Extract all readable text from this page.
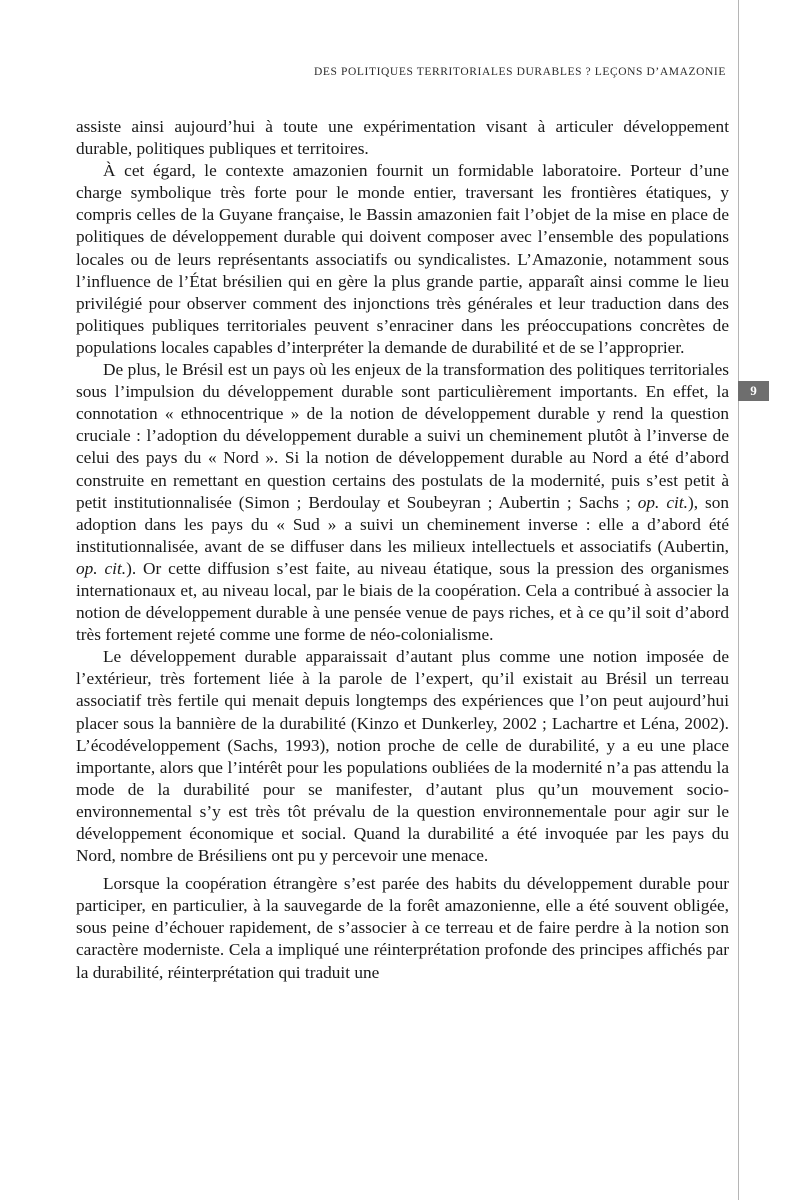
DES POLITIQUES TERRITORIALES DURABLES ? LEÇONS D’AMAZONIE
9

assiste ainsi aujourd’hui à toute une expérimentation visant à articuler développement durable, politiques publiques et territoires.

À cet égard, le contexte amazonien fournit un formidable laboratoire. Porteur d’une charge symbolique très forte pour le monde entier, traversant les frontières étatiques, y compris celles de la Guyane française, le Bassin amazonien fait l’objet de la mise en place de politiques de développement durable qui doivent composer avec l’ensemble des populations locales ou de leurs représentants associatifs ou syndicalistes. L’Amazonie, notamment sous l’influence de l’État brésilien qui en gère la plus grande partie, apparaît ainsi comme le lieu privilégié pour observer comment des injonctions très générales et leur traduction dans des politiques publiques territoriales peuvent s’enraciner dans les préoccupations concrètes de populations locales capables d’interpréter la demande de durabilité et de se l’approprier.

De plus, le Brésil est un pays où les enjeux de la transformation des politiques territoriales sous l’impulsion du développement durable sont particulièrement importants. En effet, la connotation « ethnocentrique » de la notion de développement durable y rend la question cruciale : l’adoption du développement durable a suivi un cheminement plutôt à l’inverse de celui des pays du « Nord ». Si la notion de développement durable au Nord a été d’abord construite en remettant en question certains des postulats de la modernité, puis s’est petit à petit institutionnalisée (Simon ; Berdoulay et Soubeyran ; Aubertin ; Sachs ; op. cit.), son adoption dans les pays du « Sud » a suivi un cheminement inverse : elle a d’abord été institutionnalisée, avant de se diffuser dans les milieux intellectuels et associatifs (Aubertin, op. cit.). Or cette diffusion s’est faite, au niveau étatique, sous la pression des organismes internationaux et, au niveau local, par le biais de la coopération. Cela a contribué à associer la notion de développement durable à une pensée venue de pays riches, et à ce qu’il soit d’abord très fortement rejeté comme une forme de néo-colonialisme.

Le développement durable apparaissait d’autant plus comme une notion imposée de l’extérieur, très fortement liée à la parole de l’expert, qu’il existait au Brésil un terreau associatif très fertile qui menait depuis longtemps des expériences que l’on peut aujourd’hui placer sous la bannière de la durabilité (Kinzo et Dunkerley, 2002 ; Lachartre et Léna, 2002). L’écodéveloppement (Sachs, 1993), notion proche de celle de durabilité, y a eu une place importante, alors que l’intérêt pour les populations oubliées de la modernité n’a pas attendu la mode de la durabilité pour se manifester, d’autant plus qu’un mouvement socioenvironnemental s’y est très tôt prévalu de la question environnementale pour agir sur le développement économique et social. Quand la durabilité a été invoquée par les pays du Nord, nombre de Brésiliens ont pu y percevoir une menace.

Lorsque la coopération étrangère s’est parée des habits du développement durable pour participer, en particulier, à la sauvegarde de la forêt amazonienne, elle a été souvent obligée, sous peine d’échouer rapidement, de s’associer à ce terreau et de faire perdre à la notion son caractère moderniste. Cela a impliqué une réinterprétation profonde des principes affichés par la durabilité, réinterprétation qui traduit une
